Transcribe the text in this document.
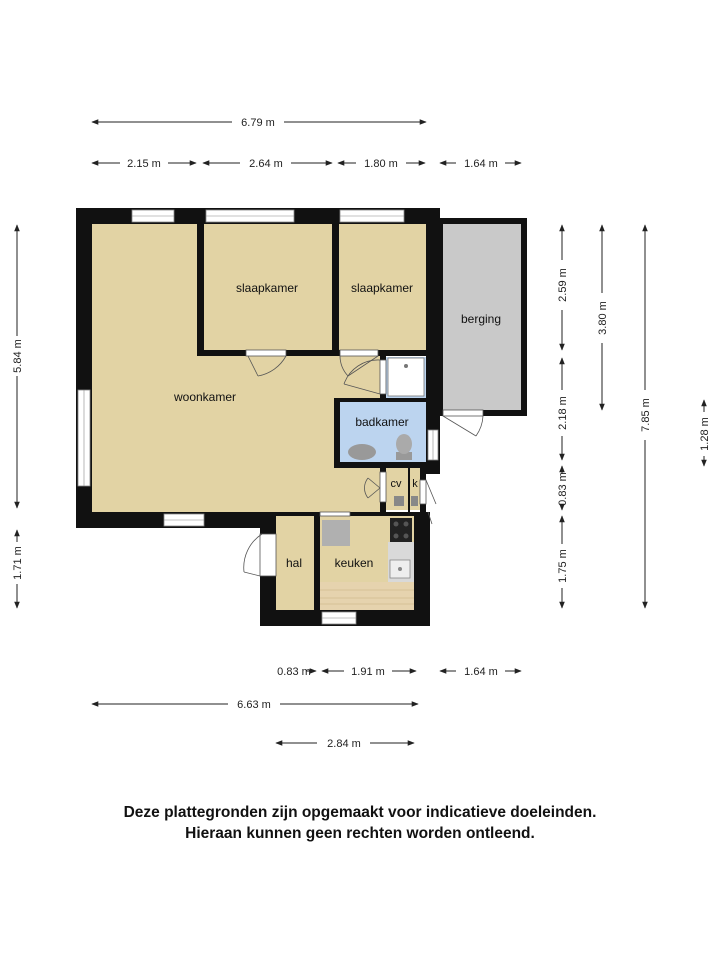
6.79 m
2.15 m	2.64 m	1.80 m	1.64 m
5.84 m
1.71 m
2.59 m
2.18 m
0.83 m
1.75 m
3.80 m
7.85 m
1.28 m
0.83 m	1.91 m	1.64 m
6.63 m
2.84 m
woonkamer
slaapkamer	slaapkamer
berging
badkamer
hal	keuken
cv k
Deze plattegronden zijn opgemaakt voor indicatieve doeleinden.
Hieraan kunnen geen rechten worden ontleend.
